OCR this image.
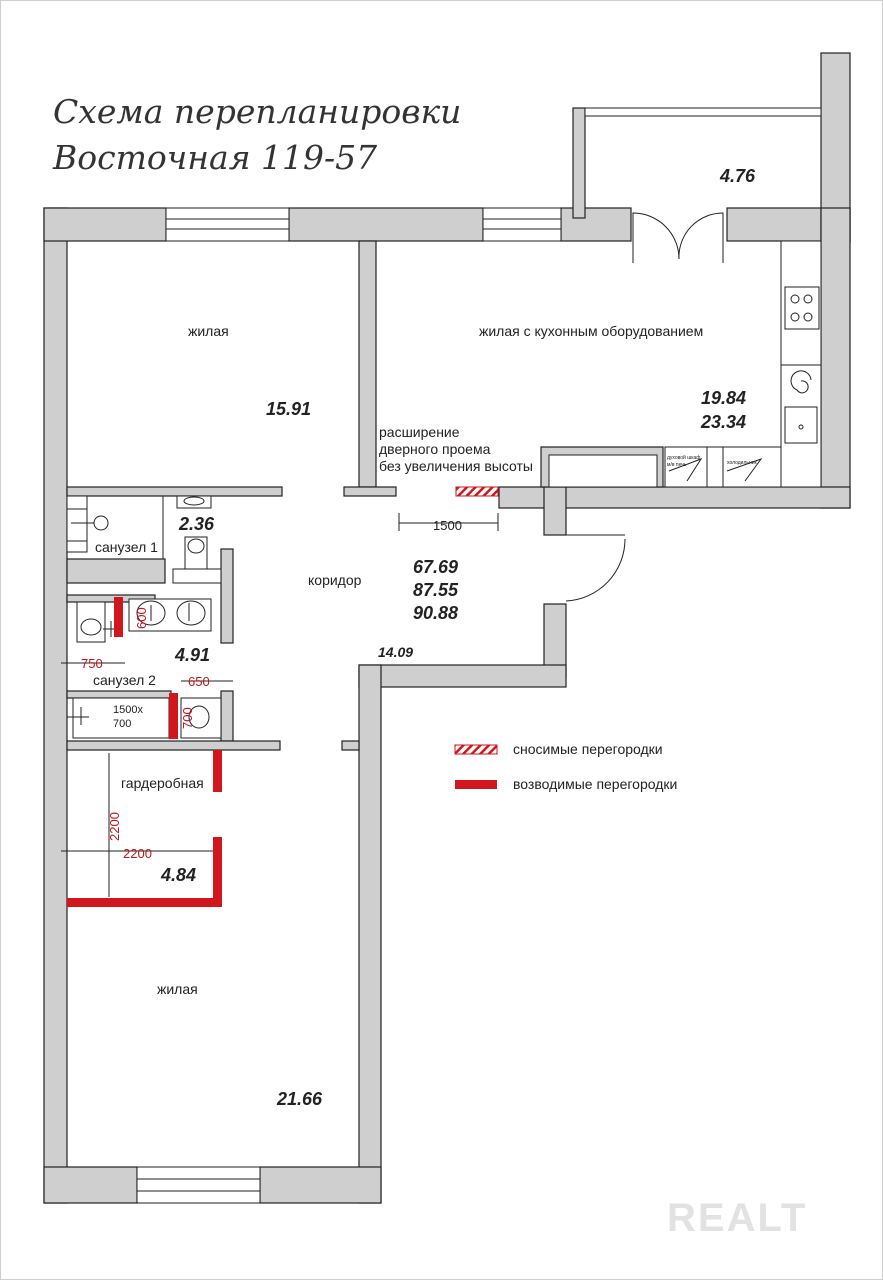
Схема перепланировки
Восточная 119-57
духовой шкаф
м/в печь	холодильник
4.76
жилая
15.91
жилая с кухонным оборудованием
19.84
23.34
расширение
дверного проема
без увеличения высоты
1500
2.36
санузел 1
коридор
67.69
87.55
90.88
14.09
600
750	4.91
санузел 2 650
1500х
700	700
гардеробная
2200
2200
4.84
жилая
21.66
сносимые перегородки
возводимые перегородки
REALT
